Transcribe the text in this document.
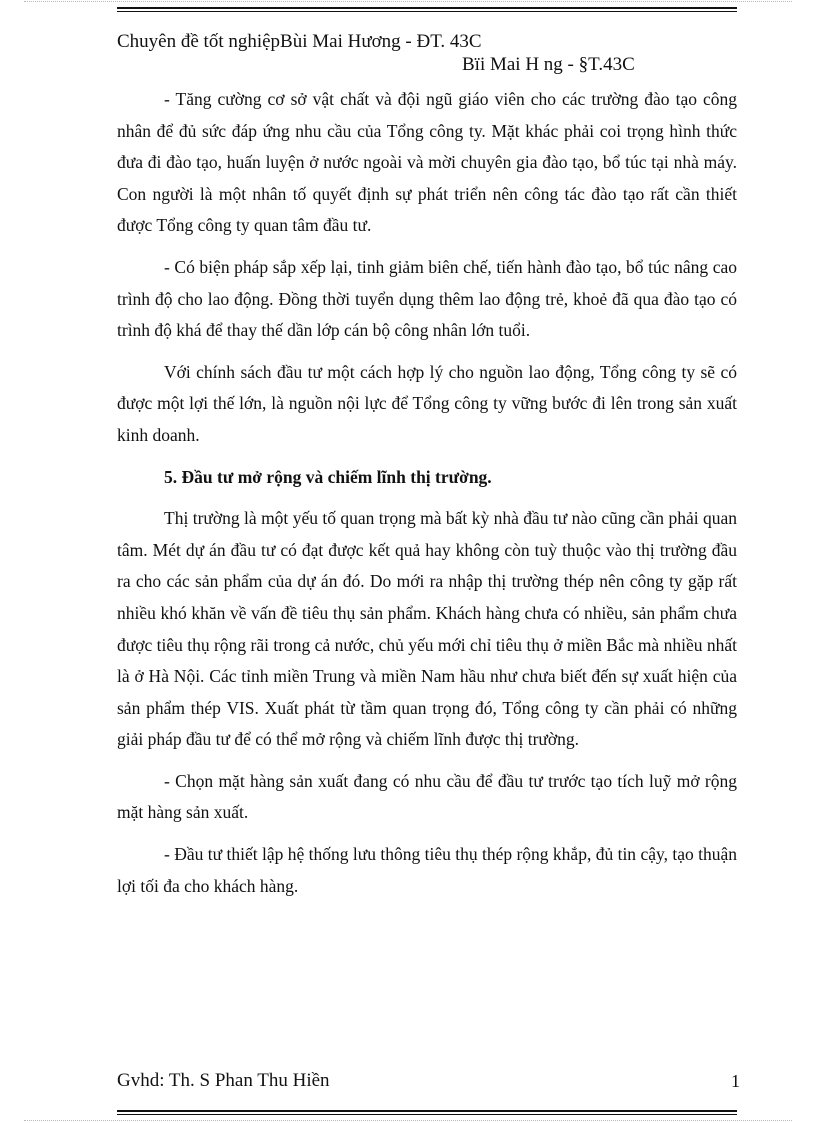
Chuyên đề tốt nghiệpBùi Mai Hương - ĐT. 43C
Bïi Mai H ng - §T.43C

- Tăng cường cơ sở vật chất và đội ngũ giáo viên cho các trường đào tạo công nhân để đủ sức đáp ứng nhu cầu của Tổng công ty. Mặt khác phải coi trọng hình thức đưa đi đào tạo, huấn luyện ở nước ngoài và mời chuyên gia đào tạo, bổ túc tại nhà máy. Con người là một nhân tố quyết định sự phát triển nên công tác đào tạo rất cần thiết được Tổng công ty quan tâm đầu tư.

- Có biện pháp sắp xếp lại, tinh giảm biên chế, tiến hành đào tạo, bổ túc nâng cao trình độ cho lao động. Đồng thời tuyển dụng thêm lao động trẻ, khoẻ đã qua đào tạo có trình độ khá để thay thế dần lớp cán bộ công nhân lớn tuổi.

Với chính sách đầu tư một cách hợp lý cho nguồn lao động, Tổng công ty sẽ có được một lợi thế lớn, là nguồn nội lực để Tổng công ty vững bước đi lên trong sản xuất kinh doanh.

5. Đầu tư mở rộng và chiếm lĩnh thị trường.

Thị trường là một yếu tố quan trọng mà bất kỳ nhà đầu tư nào cũng cần phải quan tâm. Mét dự án đầu tư có đạt được kết quả hay không còn tuỳ thuộc vào thị trường đầu ra cho các sản phẩm của dự án đó. Do mới ra nhập thị trường thép nên công ty gặp rất nhiều khó khăn về vấn đề tiêu thụ sản phẩm. Khách hàng chưa có nhiều, sản phẩm chưa được tiêu thụ rộng rãi trong cả nước, chủ yếu mới chỉ tiêu thụ ở miền Bắc mà nhiều nhất là ở Hà Nội. Các tỉnh miền Trung và miền Nam hầu như chưa biết đến sự xuất hiện của sản phẩm thép VIS. Xuất phát từ tầm quan trọng đó, Tổng công ty cần phải có những giải pháp đầu tư để có thể mở rộng và chiếm lĩnh được thị trường.

- Chọn mặt hàng sản xuất đang có nhu cầu để đầu tư trước tạo tích luỹ mở rộng mặt hàng sản xuất.

- Đầu tư thiết lập hệ thống lưu thông tiêu thụ thép rộng khắp, đủ tin cậy, tạo thuận lợi tối đa cho khách hàng.

Gvhd: Th. S Phan Thu Hiền	1
